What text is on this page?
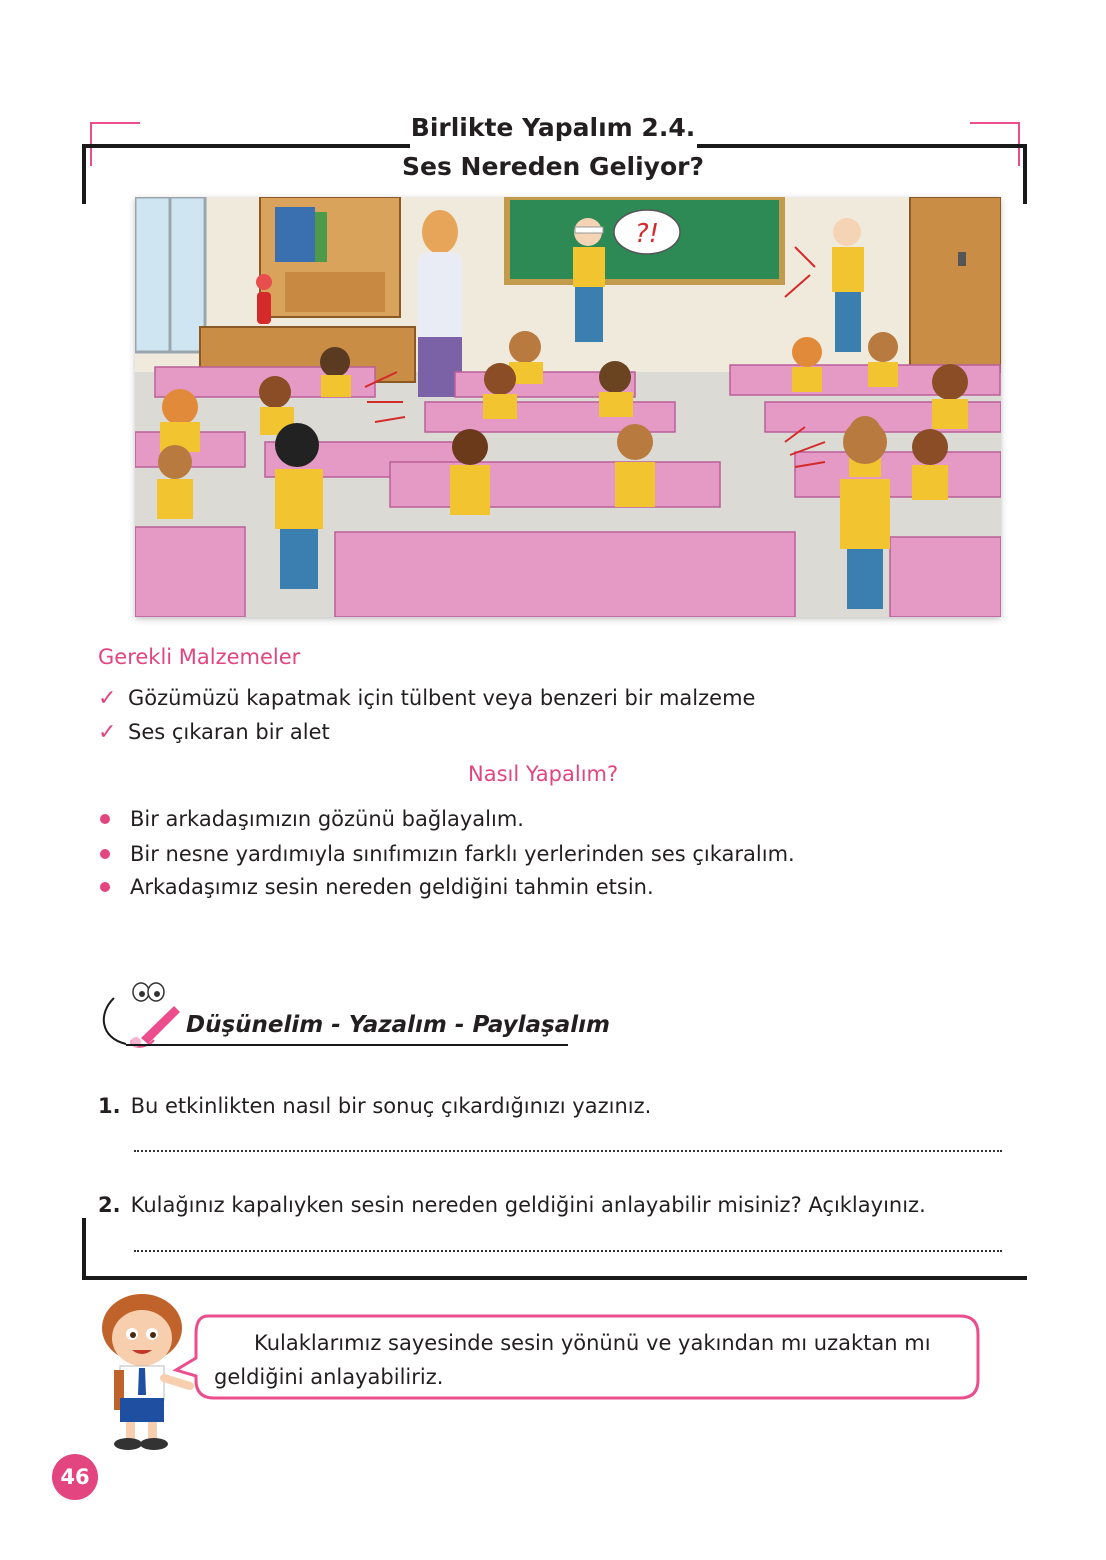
Birlikte Yapalım 2.4.
Ses Nereden Geliyor?
?!
Gerekli Malzemeler
✓ Gözümüzü kapatmak için tülbent veya benzeri bir malzeme
✓ Ses çıkaran bir alet
Nasıl Yapalım?
Bir arkadaşımızın gözünü bağlayalım.
Bir nesne yardımıyla sınıfımızın farklı yerlerinden ses çıkaralım.
Arkadaşımız sesin nereden geldiğini tahmin etsin.
Düşünelim - Yazalım - Paylaşalım
1. Bu etkinlikten nasıl bir sonuç çıkardığınızı yazınız.
2. Kulağınız kapalıyken sesin nereden geldiğini anlayabilir misiniz? Açıklayınız.
Kulaklarımız sayesinde sesin yönünü ve yakından mı uzaktan mı
geldiğini anlayabiliriz.
46
